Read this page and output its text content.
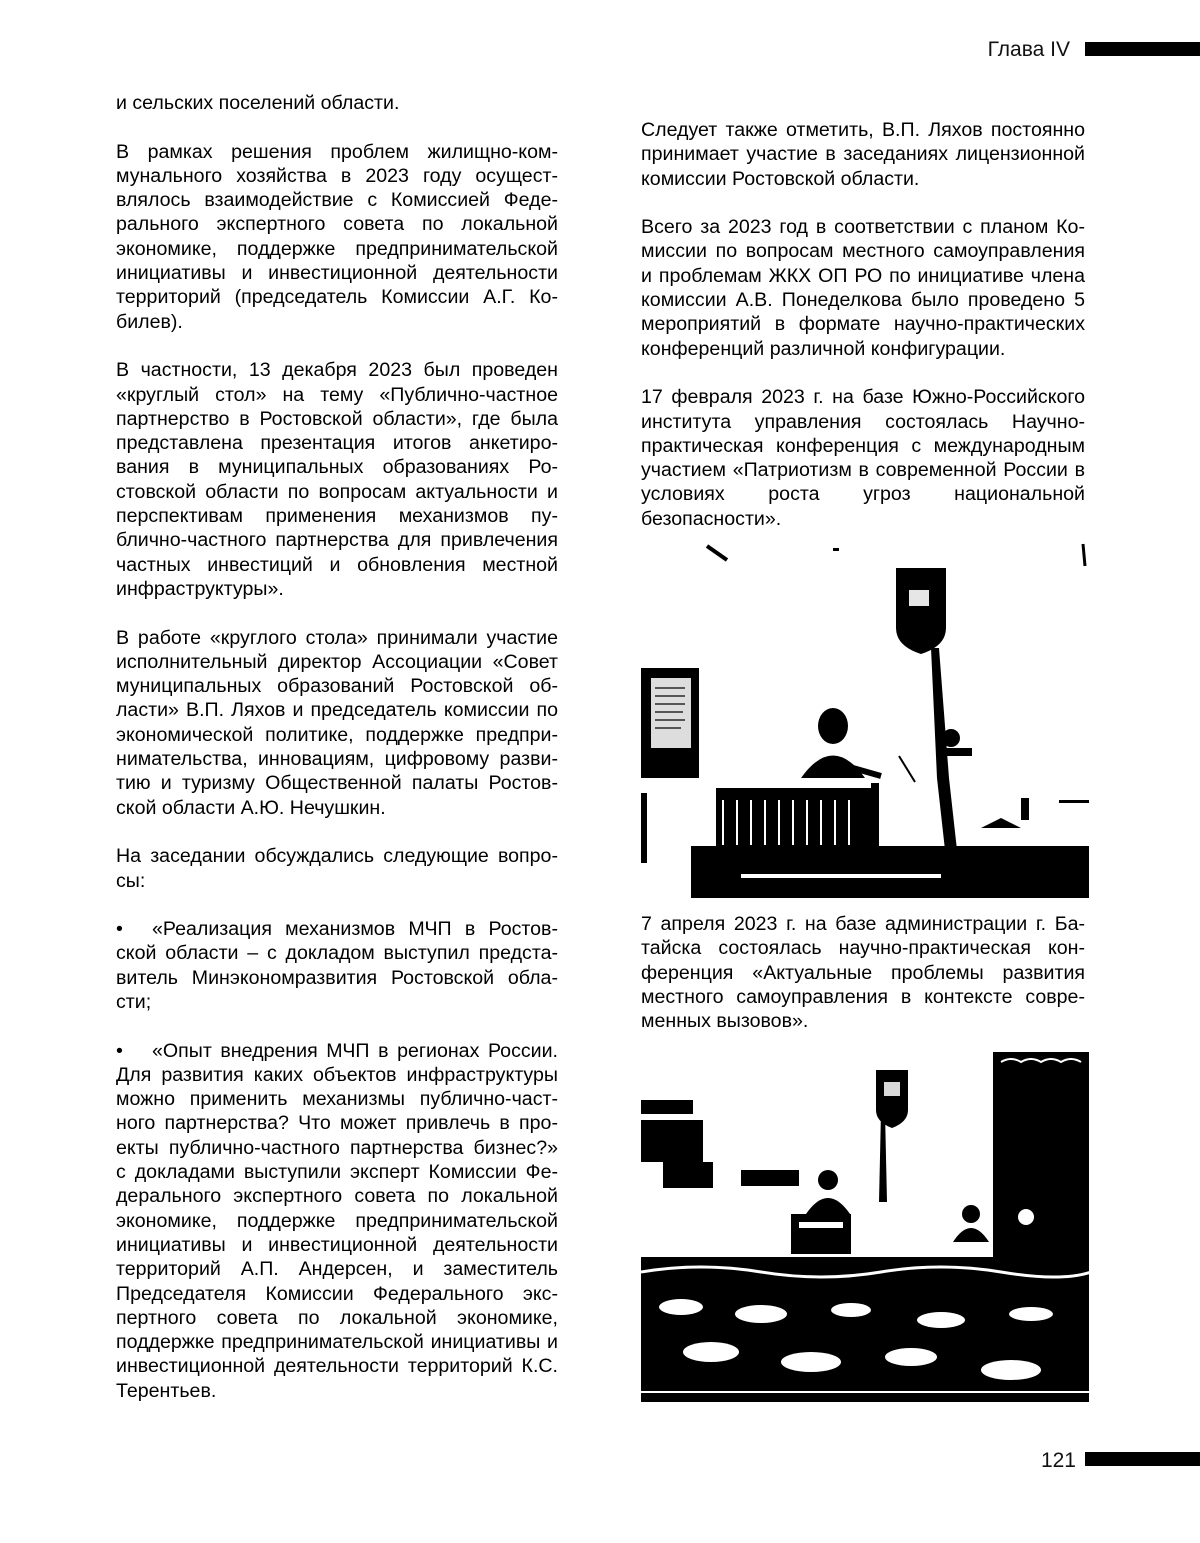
Глава IV

и сельских поселений области.

В рамках решения проблем жилищно-коммунального хозяйства в 2023 году осуществлялось взаимодействие с Комиссией Федерального экспертного совета по локальной экономике, поддержке предпринимательской инициативы и инвестиционной деятельности территорий (председатель Комиссии А.Г. Кобилев).

В частности, 13 декабря 2023 был проведен «круглый стол» на тему «Публично-частное партнерство в Ростовской области», где была представлена презентация итогов анкетирования в муниципальных образованиях Ростовской области по вопросам актуальности и перспективам применения механизмов публично-частного партнерства для привлечения частных инвестиций и обновления местной инфраструктуры».

В работе «круглого стола» принимали участие исполнительный директор Ассоциации «Совет муниципальных образований Ростовской области» В.П. Ляхов и председатель комиссии по экономической политике, поддержке предпринимательства, инновациям, цифровому развитию и туризму Общественной палаты Ростовской области А.Ю. Нечушкин.

На заседании обсуждались следующие вопросы:

• «Реализация механизмов МЧП в Ростовской области – с докладом выступил представитель Минэкономразвития Ростовской области;

• «Опыт внедрения МЧП в регионах России. Для развития каких объектов инфраструктуры можно применить механизмы публично-частного партнерства? Что может привлечь в проекты публично-частного партнерства бизнес?» с докладами выступили эксперт Комиссии Федерального экспертного совета по локальной экономике, поддержке предпринимательской инициативы и инвестиционной деятельности территорий А.П. Андерсен, и заместитель Председателя Комиссии Федерального экспертного совета по локальной экономике, поддержке предпринимательской инициативы и инвестиционной деятельности территорий К.С. Терентьев.

Следует также отметить, В.П. Ляхов постоянно принимает участие в заседаниях лицензионной комиссии Ростовской области.

Всего за 2023 год в соответствии с планом Комиссии по вопросам местного самоуправления и проблемам ЖКХ ОП РО по инициативе члена комиссии А.В. Понеделкова было проведено 5 мероприятий в формате научно-практических конференций различной конфигурации.

17 февраля 2023 г. на базе Южно-Российского института управления состоялась Научно-практическая конференция с международным участием «Патриотизм в современной России в условиях роста угроз национальной безопасности».

7 апреля 2023 г. на базе администрации г. Батайска состоялась научно-практическая конференция «Актуальные проблемы развития местного самоуправления в контексте современных вызовов».

121
